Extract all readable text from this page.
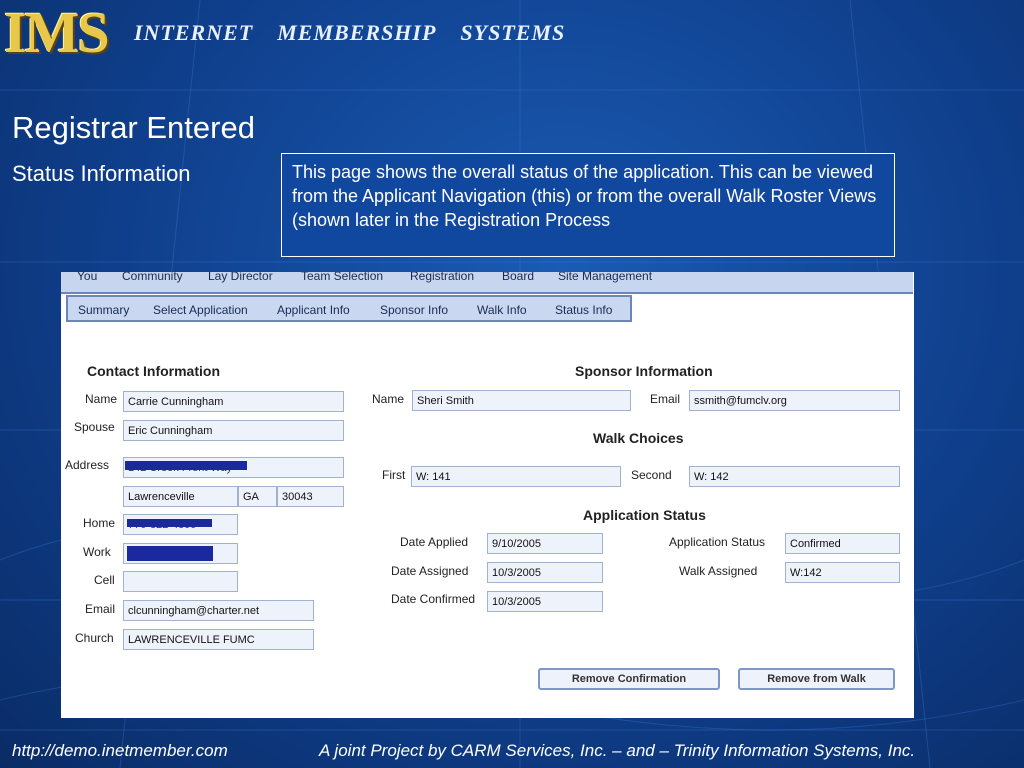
IMS INTERNET MEMBERSHIP SYSTEMS
Registrar Entered
Status Information	This page shows the overall status of the application. This can be viewed from the Applicant Navigation (this) or from the overall Walk Roster Views (shown later in the Registration Process
You Community Lay Director Team Selection Registration Board Site Management
Summary Select Application Applicant Info	Sponsor Info Walk Info Status Info
Contact Information
Name Carrie Cunningham
Spouse	Eric Cunningham
Address
Lawrenceville	GA	30043
Home
Work
Cell
Email	clcunningham@charter.net
Church	LAWRENCEVILLE FUMC
Sponsor Information
Name	Sheri Smith	Email	ssmith@fumclv.org
Walk Choices
First W: 141	Second	W: 142
Application Status
Date Applied	9/10/2005
Date Assigned	10/3/2005
Date Confirmed	10/3/2005
Application Status	Confirmed
Walk Assigned	W:142
Remove Confirmation	Remove from Walk
http://demo.inetmember.com	A joint Project by CARM Services, Inc. – and – Trinity Information Systems, Inc.
